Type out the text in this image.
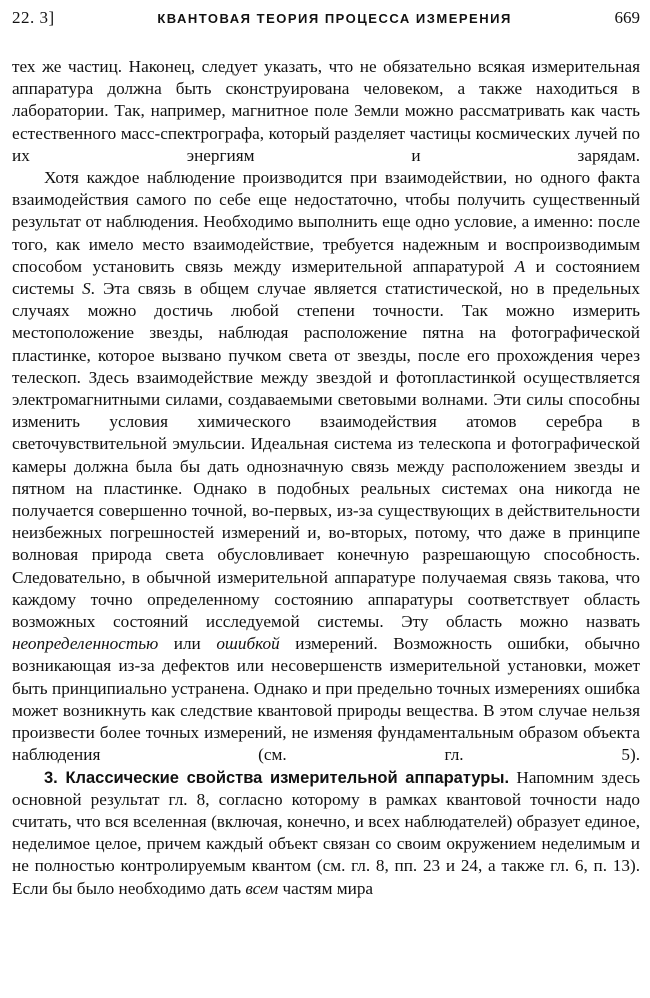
22. 3]	КВАНТОВАЯ ТЕОРИЯ ПРОЦЕССА ИЗМЕРЕНИЯ	669

тех же частиц. Наконец, следует указать, что не обязательно всякая измерительная аппаратура должна быть сконструирована человеком, а также находиться в лаборатории. Так, например, магнитное поле Земли можно рассматривать как часть естественного масс-спектрографа, который разделяет частицы космических лучей по их энергиям и зарядам.

Хотя каждое наблюдение производится при взаимодействии, но одного факта взаимодействия самого по себе еще недостаточно, чтобы получить существенный результат от наблюдения. Необходимо выполнить еще одно условие, а именно: после того, как имело место взаимодействие, требуется надежным и воспроизводимым способом установить связь между измерительной аппаратурой A и состоянием системы S. Эта связь в общем случае является статистической, но в предельных случаях можно достичь любой степени точности. Так можно измерить местоположение звезды, наблюдая расположение пятна на фотографической пластинке, которое вызвано пучком света от звезды, после его прохождения через телескоп. Здесь взаимодействие между звездой и фотопластинкой осуществляется электромагнитными силами, создаваемыми световыми волнами. Эти силы способны изменить условия химического взаимодействия атомов серебра в светочувствительной эмульсии. Идеальная система из телескопа и фотографической камеры должна была бы дать однозначную связь между расположением звезды и пятном на пластинке. Однако в подобных реальных системах она никогда не получается совершенно точной, во-первых, из-за существующих в действительности неизбежных погрешностей измерений и, во-вторых, потому, что даже в принципе волновая природа света обусловливает конечную разрешающую способность. Следовательно, в обычной измерительной аппаратуре получаемая связь такова, что каждому точно определенному состоянию аппаратуры соответствует область возможных состояний исследуемой системы. Эту область можно назвать неопределенностью или ошибкой измерений. Возможность ошибки, обычно возникающая из-за дефектов или несовершенств измерительной установки, может быть принципиально устранена. Однако и при предельно точных измерениях ошибка может возникнуть как следствие квантовой природы вещества. В этом случае нельзя произвести более точных измерений, не изменяя фундаментальным образом объекта наблюдения (см. гл. 5).

3. Классические свойства измерительной аппаратуры. Напомним здесь основной результат гл. 8, согласно которому в рамках квантовой точности надо считать, что вся вселенная (включая, конечно, и всех наблюдателей) образует единое, неделимое целое, причем каждый объект связан со своим окружением неделимым и не полностью контролируемым квантом (см. гл. 8, пп. 23 и 24, а также гл. 6, п. 13). Если бы было необходимо дать всем частям мира
